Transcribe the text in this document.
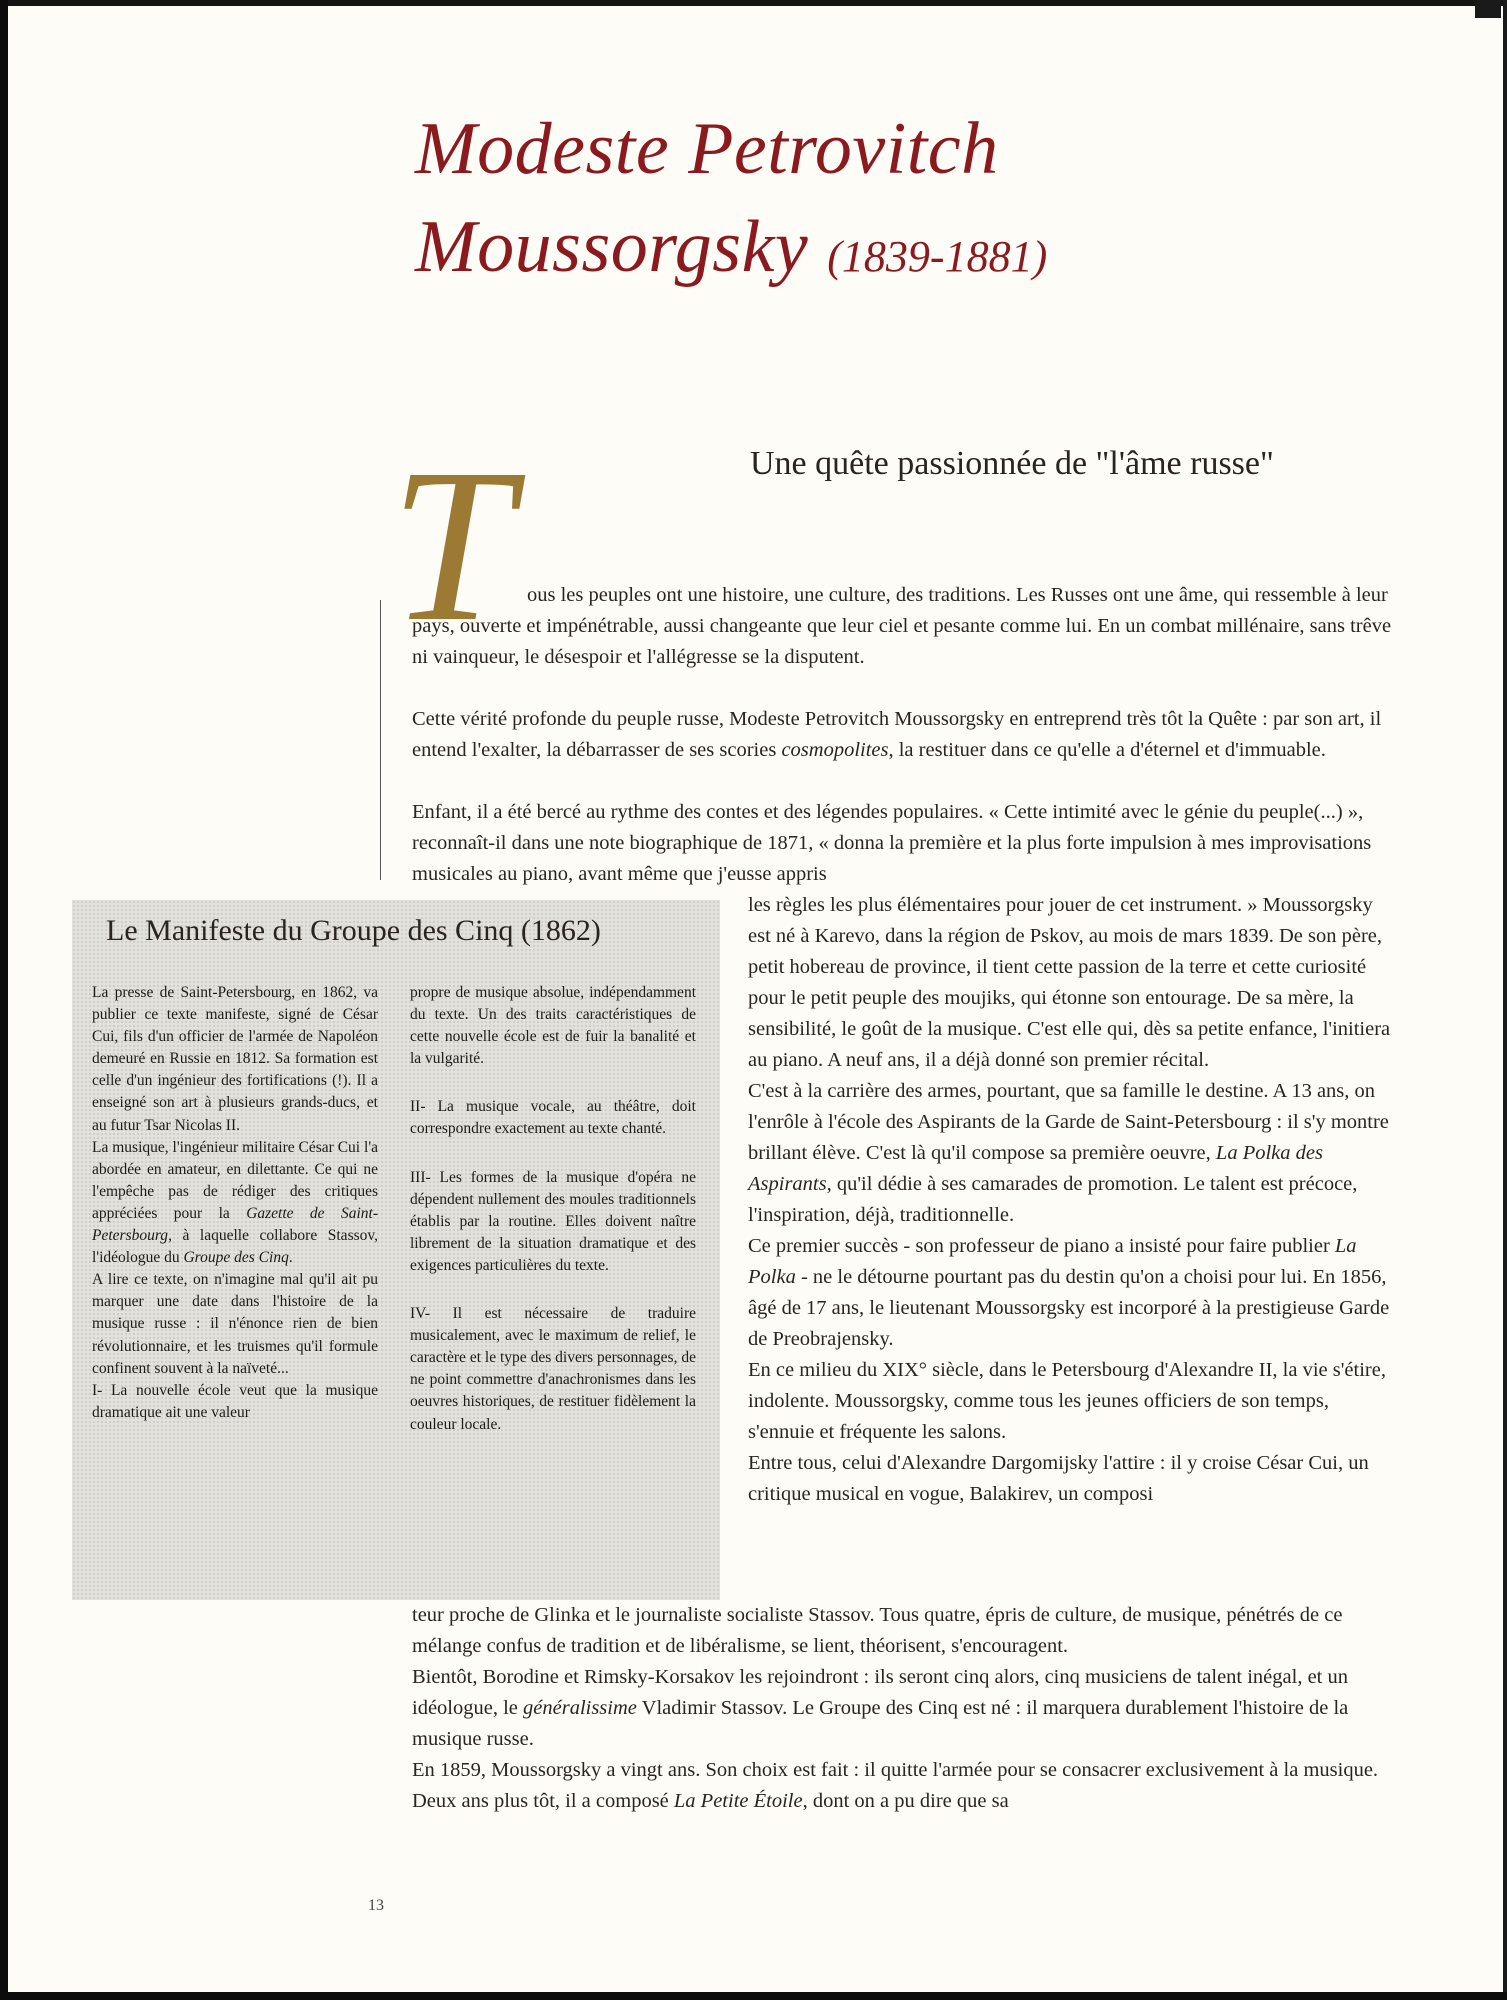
Modeste Petrovitch
Moussorgsky (1839-1881)
T	Une quête passionnée de "l'âme russe"

ous les peuples ont une histoire, une culture, des traditions. Les Russes ont une âme, qui ressemble à leur pays, ouverte et impénétrable, aussi changeante que leur ciel et pesante comme lui. En un combat millénaire, sans trêve ni vainqueur, le désespoir et l'allégresse se la disputent.

Cette vérité profonde du peuple russe, Modeste Petrovitch Moussorgsky en entreprend très tôt la Quête : par son art, il entend l'exalter, la débarrasser de ses scories cosmopolites, la restituer dans ce qu'elle a d'éternel et d'immuable.

Enfant, il a été bercé au rythme des contes et des légendes populaires. « Cette intimité avec le génie du peuple(...) », reconnaît-il dans une note biographique de 1871, « donna la première et la plus forte impulsion à mes improvisations musicales au piano, avant même que j'eusse appris

les règles les plus élémentaires pour jouer de cet instrument. » Moussorgsky est né à Karevo, dans la région de Pskov, au mois de mars 1839. De son père, petit hobereau de province, il tient cette passion de la terre et cette curiosité pour le petit peuple des moujiks, qui étonne son entourage. De sa mère, la sensibilité, le goût de la musique. C'est elle qui, dès sa petite enfance, l'initiera au piano. A neuf ans, il a déjà donné son premier récital.
C'est à la carrière des armes, pourtant, que sa famille le destine. A 13 ans, on l'enrôle à l'école des Aspirants de la Garde de Saint-Petersbourg : il s'y montre brillant élève. C'est là qu'il compose sa première oeuvre, La Polka des Aspirants, qu'il dédie à ses camarades de promotion. Le talent est précoce, l'inspiration, déjà, traditionnelle.
Ce premier succès - son professeur de piano a insisté pour faire publier La Polka - ne le détourne pourtant pas du destin qu'on a choisi pour lui. En 1856, âgé de 17 ans, le lieutenant Moussorgsky est incorporé à la prestigieuse Garde de Preobrajensky.
En ce milieu du XIX° siècle, dans le Petersbourg d'Alexandre II, la vie s'étire, indolente. Moussorgsky, comme tous les jeunes officiers de son temps, s'ennuie et fréquente les salons.
Entre tous, celui d'Alexandre Dargomijsky l'attire : il y croise César Cui, un critique musical en vogue, Balakirev, un composi

teur proche de Glinka et le journaliste socialiste Stassov. Tous quatre, épris de culture, de musique, pénétrés de ce mélange confus de tradition et de libéralisme, se lient, théorisent, s'encouragent.
Bientôt, Borodine et Rimsky-Korsakov les rejoindront : ils seront cinq alors, cinq musiciens de talent inégal, et un idéologue, le généralissime Vladimir Stassov. Le Groupe des Cinq est né : il marquera durablement l'histoire de la musique russe.
En 1859, Moussorgsky a vingt ans. Son choix est fait : il quitte l'armée pour se consacrer exclusivement à la musique. Deux ans plus tôt, il a composé La Petite Étoile, dont on a pu dire que sa

Le Manifeste du Groupe des Cinq (1862)

La presse de Saint-Petersbourg, en 1862, va publier ce texte manifeste, signé de César Cui, fils d'un officier de l'armée de Napoléon demeuré en Russie en 1812. Sa formation est celle d'un ingénieur des fortifications (!). Il a enseigné son art à plusieurs grands-ducs, et au futur Tsar Nicolas II.

La musique, l'ingénieur militaire César Cui l'a abordée en amateur, en dilettante. Ce qui ne l'empêche pas de rédiger des critiques appréciées pour la Gazette de Saint-Petersbourg, à laquelle collabore Stassov, l'idéologue du Groupe des Cinq.

A lire ce texte, on n'imagine mal qu'il ait pu marquer une date dans l'histoire de la musique russe : il n'énonce rien de bien révolutionnaire, et les truismes qu'il formule confinent souvent à la naïveté...

I- La nouvelle école veut que la musique dramatique ait une valeur

propre de musique absolue, indépendamment du texte. Un des traits caractéristiques de cette nouvelle école est de fuir la banalité et la vulgarité.

II- La musique vocale, au théâtre, doit correspondre exactement au texte chanté.

III- Les formes de la musique d'opéra ne dépendent nullement des moules traditionnels établis par la routine. Elles doivent naître librement de la situation dramatique et des exigences particulières du texte.

IV- Il est nécessaire de traduire musicalement, avec le maximum de relief, le caractère et le type des divers personnages, de ne point commettre d'anachronismes dans les oeuvres historiques, de restituer fidèlement la couleur locale.

13
